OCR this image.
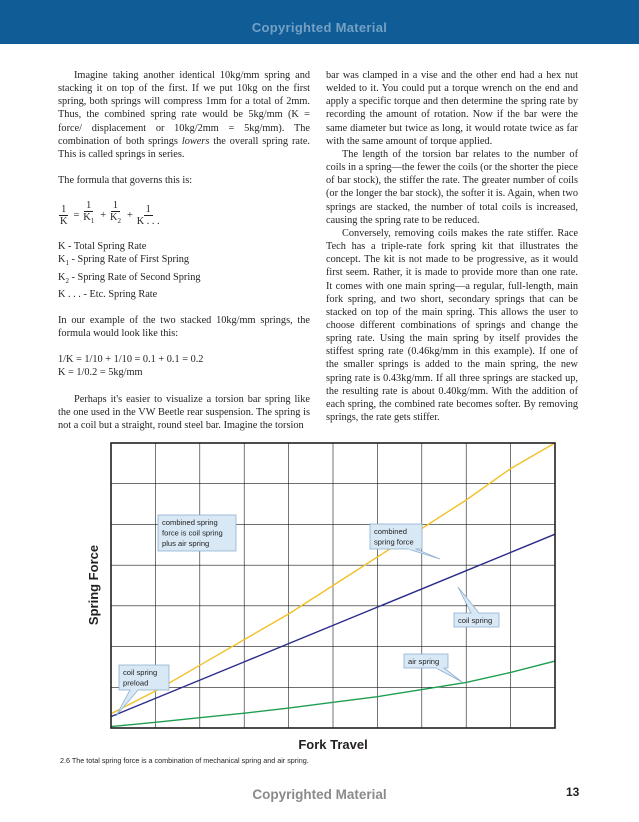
Copyrighted Material

Imagine taking another identical 10kg/mm spring and stacking it on top of the first. If we put 10kg on the first spring, both springs will compress 1mm for a total of 2mm. Thus, the combined spring rate would be 5kg/mm (K = force/ displacement or 10kg/2mm = 5kg/mm). The combination of both springs lowers the overall spring rate. This is called springs in series.

The formula that governs this is:

$\frac{1}{K} = \frac{1}{K_1} + \frac{1}{K_2} + \frac{1}{K . . .}$

K - Total Spring Rate

$K_1$ - Spring Rate of First Spring

$K_2$ - Spring Rate of Second Spring

K . . . - Etc. Spring Rate

In our example of the two stacked 10kg/mm springs, the formula would look like this:

1/K = 1/10 + 1/10 = 0.1 + 0.1 = 0.2

K = 1/0.2 = 5kg/mm

Perhaps it's easier to visualize a torsion bar spring like the one used in the VW Beetle rear suspension. The spring is not a coil but a straight, round steel bar. Imagine the torsion

bar was clamped in a vise and the other end had a hex nut welded to it. You could put a torque wrench on the end and apply a specific torque and then determine the spring rate by recording the amount of rotation. Now if the bar were the same diameter but twice as long, it would rotate twice as far with the same amount of torque applied.

The length of the torsion bar relates to the number of coils in a spring—the fewer the coils (or the shorter the piece of bar stock), the stiffer the rate. The greater number of coils (or the longer the bar stock), the softer it is. Again, when two springs are stacked, the number of total coils is increased, causing the spring rate to be reduced.

Conversely, removing coils makes the rate stiffer. Race Tech has a triple-rate fork spring kit that illustrates the concept. The kit is not made to be progressive, as it would first seem. Rather, it is made to provide more than one rate. It comes with one main spring—a regular, full-length, main fork spring, and two short, secondary springs that can be stacked on top of the main spring. This allows the user to choose different combinations of springs and change the spring rate. Using the main spring by itself provides the stiffest spring rate (0.46kg/mm in this example). If one of the smaller springs is added to the main spring, the new spring rate is 0.43kg/mm. If all three springs are stacked up, the resulting rate is about 0.40kg/mm. With the addition of each spring, the combined rate becomes softer. By removing springs, the rate gets stiffer.

combined spring
force is coil spring
plus air spring
combined
spring force
coil spring
air spring
coil spring
preload
Spring Force
Fork Travel
2.6 The total spring force is a combination of mechanical spring and air spring.
Copyrighted Material	13
